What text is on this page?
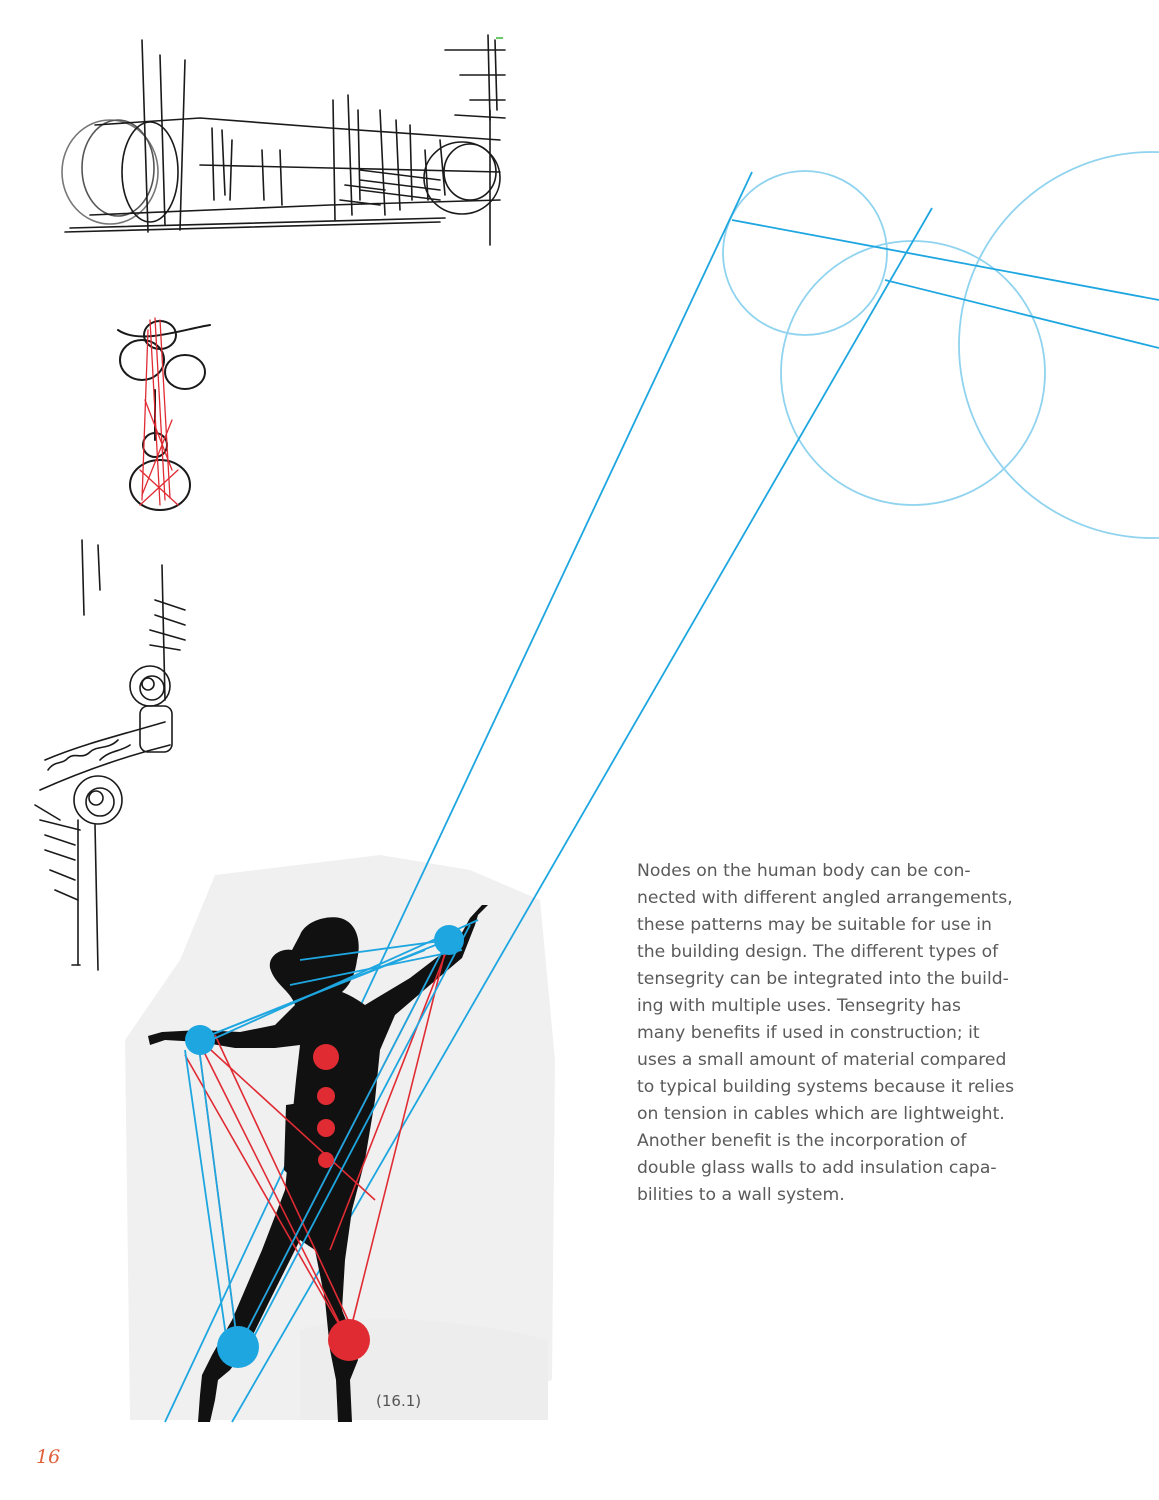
Nodes on the human body can be con-
nected with different angled arrangements,
these patterns may be suitable for use in
the building design. The different types of
tensegrity can be integrated into the build-
ing with multiple uses. Tensegrity has
many benefits if used in construction; it
uses a small amount of material compared
to typical building systems because it relies
on tension in cables which are lightweight.
Another benefit is the incorporation of
double glass walls to add insulation capa-
bilities to a wall system.
(16.1)
16
